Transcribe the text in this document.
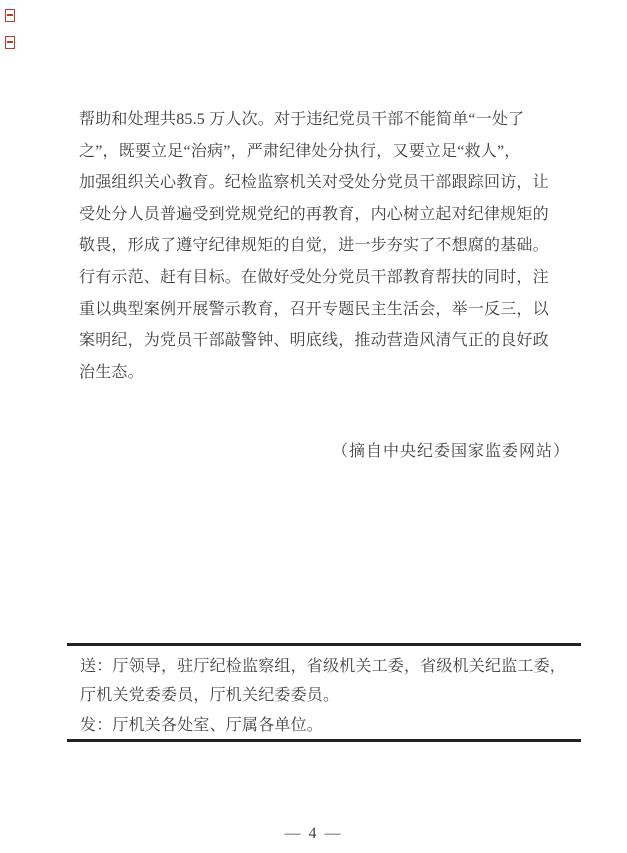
帮助和处理共85.5 万人次。对于违纪党员干部不能简单“一处了
之”，既要立足“治病”，严肃纪律处分执行，又要立足“救人”，
加强组织关心教育。纪检监察机关对受处分党员干部跟踪回访，让
受处分人员普遍受到党规党纪的再教育，内心树立起对纪律规矩的
敬畏，形成了遵守纪律规矩的自觉，进一步夯实了不想腐的基础。
行有示范、赶有目标。在做好受处分党员干部教育帮扶的同时，注
重以典型案例开展警示教育，召开专题民主生活会，举一反三，以
案明纪，为党员干部敲警钟、明底线，推动营造风清气正的良好政
治生态。
（摘自中央纪委国家监委网站）
送：厅领导，驻厅纪检监察组，省级机关工委，省级机关纪监工委，
厅机关党委委员，厅机关纪委委员。
发：厅机关各处室、厅属各单位。
— 4 —
